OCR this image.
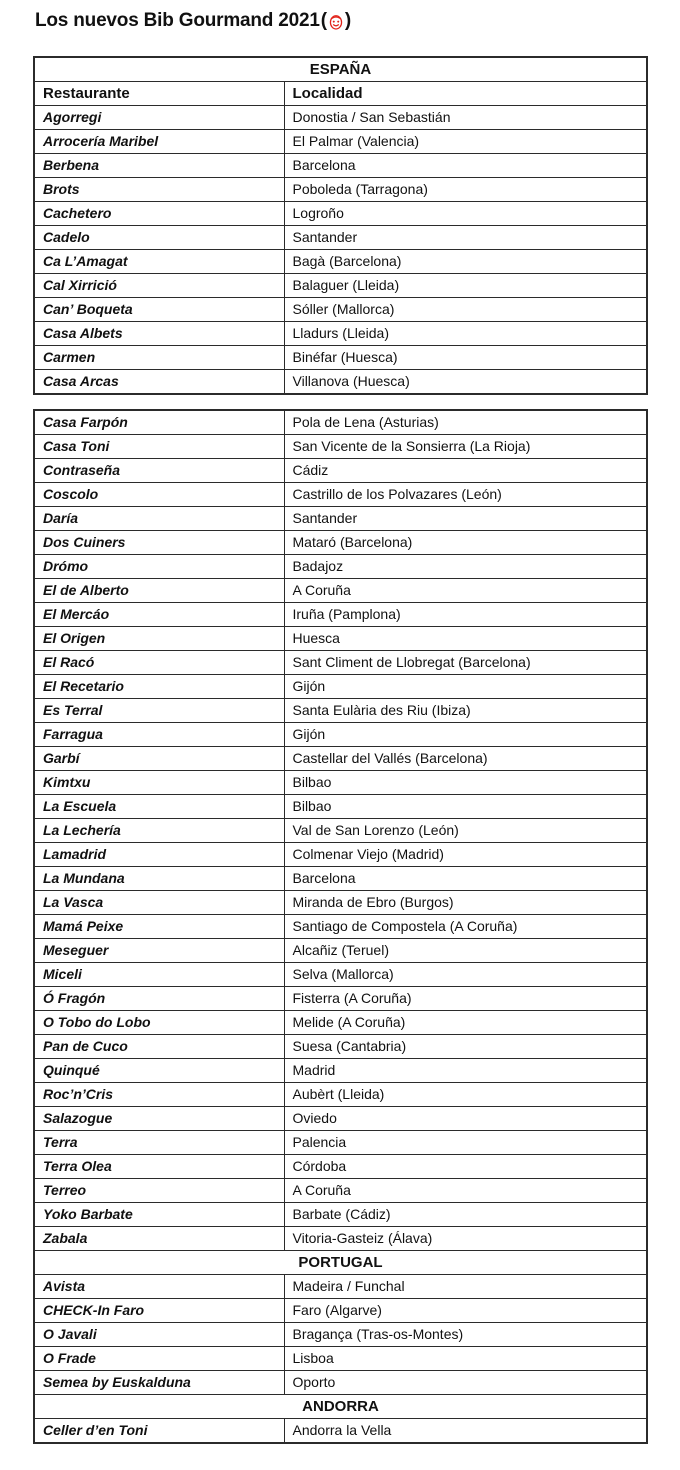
Los nuevos Bib Gourmand 2021 ( )
ESPAÑA	
Restaurante	Localidad
Agorregi	Donostia / San Sebastián
Arrocería Maribel	El Palmar (Valencia)
Berbena	Barcelona
Brots	Poboleda (Tarragona)
Cachetero	Logroño
Cadelo	Santander
Ca L’Amagat	Bagà (Barcelona)
Cal Xirrició	Balaguer (Lleida)
Can’ Boqueta	Sóller (Mallorca)
Casa Albets	Lladurs (Lleida)
Carmen	Binéfar (Huesca)
Casa Arcas	Villanova (Huesca)
Casa Farpón	Pola de Lena (Asturias)
Casa Toni	San Vicente de la Sonsierra (La Rioja)
Contraseña	Cádiz
Coscolo	Castrillo de los Polvazares (León)
Daría	Santander
Dos Cuiners	Mataró (Barcelona)
Drómo	Badajoz
El de Alberto	A Coruña
El Mercáo	Iruña (Pamplona)
El Origen	Huesca
El Racó	Sant Climent de Llobregat (Barcelona)
El Recetario	Gijón
Es Terral	Santa Eulària des Riu (Ibiza)
Farragua	Gijón
Garbí	Castellar del Vallés (Barcelona)
Kimtxu	Bilbao
La Escuela	Bilbao
La Lechería	Val de San Lorenzo (León)
Lamadrid	Colmenar Viejo (Madrid)
La Mundana	Barcelona
La Vasca	Miranda de Ebro (Burgos)
Mamá Peixe	Santiago de Compostela (A Coruña)
Meseguer	Alcañiz (Teruel)
Miceli	Selva (Mallorca)
Ó Fragón	Fisterra (A Coruña)
O Tobo do Lobo	Melide (A Coruña)
Pan de Cuco	Suesa (Cantabria)
Quinqué	Madrid
Roc’n’Cris	Aubèrt (Lleida)
Salazogue	Oviedo
Terra	Palencia
Terra Olea	Córdoba
Terreo	A Coruña
Yoko Barbate	Barbate (Cádiz)
Zabala	Vitoria-Gasteiz (Álava)
PORTUGAL	
Avista	Madeira / Funchal
CHECK-In Faro	Faro (Algarve)
O Javali	Bragança (Tras-os-Montes)
O Frade	Lisboa
Semea by Euskalduna	Oporto
ANDORRA	
Celler d’en Toni	Andorra la Vella
